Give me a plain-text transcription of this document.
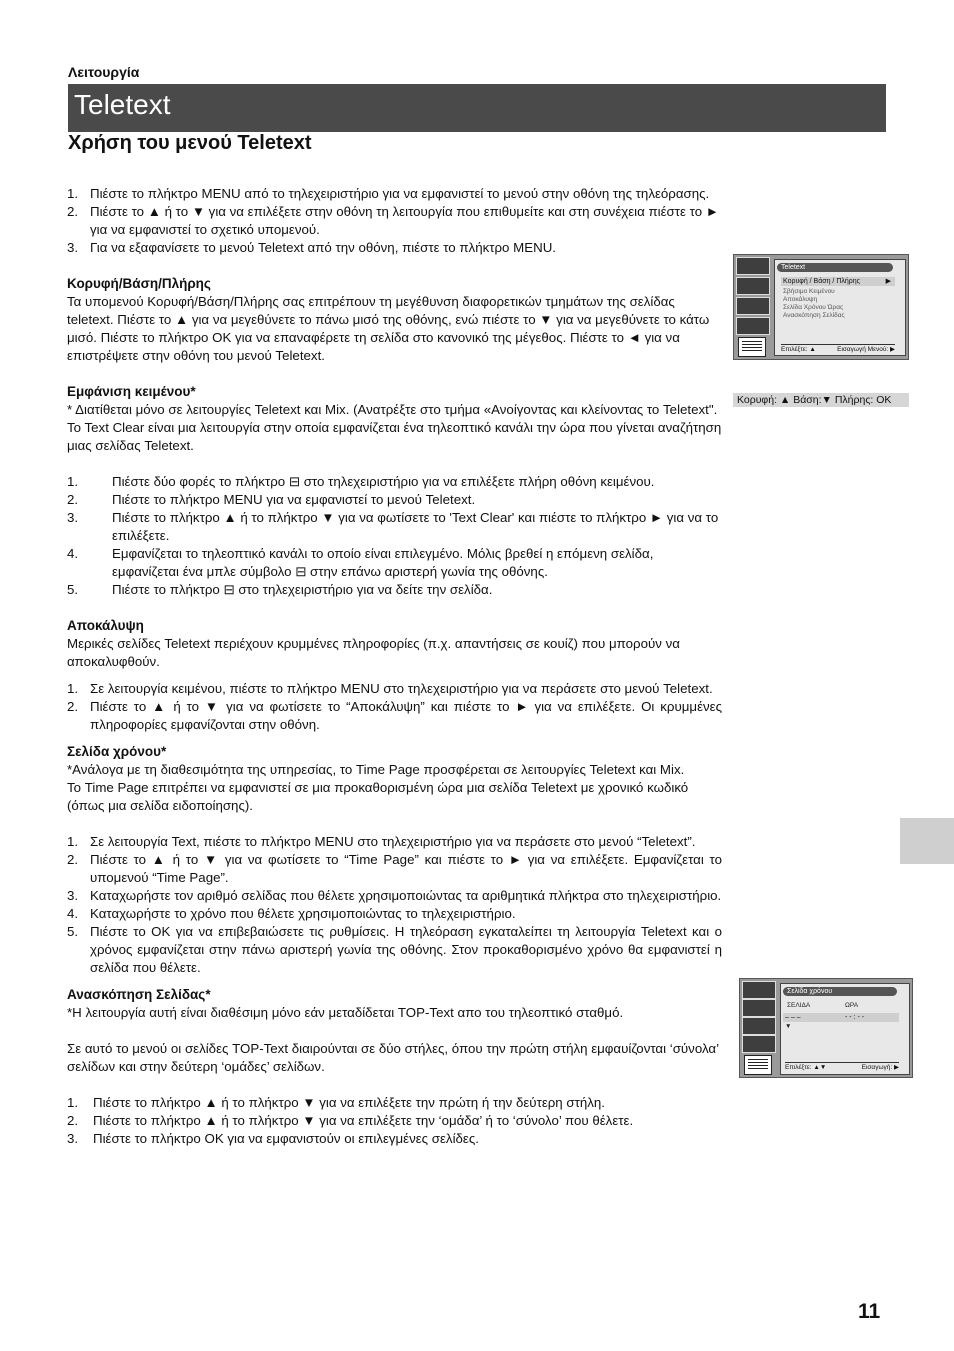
Λειτουργία
Teletext
Χρήση του μενού Teletext
1. Πιέστε το πλήκτρο MENU από το τηλεχειριστήριο για να εμφανιστεί το μενού στην οθόνη της τηλεόρασης.
2. Πιέστε το ▲ ή το ▼ για να επιλέξετε στην οθόνη τη λειτουργία που επιθυμείτε και στη συνέχεια πιέστε το ► για να εμφανιστεί το σχετικό υπομενού.
3. Για να εξαφανίσετε το μενού Teletext από την οθόνη, πιέστε το πλήκτρο MENU.
Κορυφή/Βάση/Πλήρης

Τα υπομενού Κορυφή/Βάση/Πλήρης σας επιτρέπουν τη μεγέθυνση διαφορετικών τμημάτων της σελίδας teletext. Πιέστε το ▲ για να μεγεθύνετε το πάνω μισό της οθόνης, ενώ πιέστε το ▼ για να μεγεθύνετε το κάτω μισό. Πιέστε το πλήκτρο OK για να επαναφέρετε τη σελίδα στο κανονικό της μέγεθος. Πιέστε το ◄ για να επιστρέψετε στην οθόνη του μενού Teletext.

Εμφάνιση κειμένου*

* Διατίθεται μόνο σε λειτουργίες Teletext και Mix. (Ανατρέξτε στο τμήμα «Ανοίγοντας και κλείνοντας το Teletext".

To Text Clear είναι μια λειτουργία στην οποία εμφανίζεται ένα τηλεοπτικό κανάλι την ώρα που γίνεται αναζήτηση μιας σελίδας Teletext.

1.	Πιέστε δύο φορές το πλήκτρο ⊟ στο τηλεχειριστήριο για να επιλέξετε πλήρη οθόνη κειμένου.
2.	Πιέστε το πλήκτρο MENU για να εμφανιστεί το μενού Teletext.
3.	Πιέστε το πλήκτρο ▲ ή το πλήκτρο ▼ για να φωτίσετε το 'Text Clear' και πιέστε το πλήκτρο ► για να το επιλέξετε.
4.	Εμφανίζεται το τηλεοπτικό κανάλι το οποίο είναι επιλεγμένο. Μόλις βρεθεί η επόμενη σελίδα, εμφανίζεται ένα μπλε σύμβολο ⊟ στην επάνω αριστερή γωνία της οθόνης.
5.	Πιέστε το πλήκτρο ⊟ στο τηλεχειριστήριο για να δείτε την σελίδα.
Αποκάλυψη

Μερικές σελίδες Teletext περιέχουν κρυμμένες πληροφορίες (π.χ. απαντήσεις σε κουίζ) που μπορούν να αποκαλυφθούν.

1. Σε λειτουργία κειμένου, πιέστε το πλήκτρο MENU στο τηλεχειριστήριο για να περάσετε στο μενού Teletext.
2. Πιέστε το ▲ ή το ▼ για να φωτίσετε το “Αποκάλυψη” και πιέστε το ► για να επιλέξετε. Οι κρυμμένες πληροφορίες εμφανίζονται στην οθόνη.
Σελίδα χρόνου*

*Ανάλογα με τη διαθεσιμότητα της υπηρεσίας, το Time Page προσφέρεται σε λειτουργίες Teletext και Mix.

Το Time Page επιτρέπει να εμφανιστεί σε μια προκαθορισμένη ώρα μια σελίδα Teletext με χρονικό κωδικό (όπως μια σελίδα ειδοποίησης).

1. Σε λειτουργία Text, πιέστε το πλήκτρο MENU στο τηλεχειριστήριο για να περάσετε στο μενού “Teletext”.
2. Πιέστε το ▲ ή το ▼ για να φωτίσετε το “Time Page” και πιέστε το ► για να επιλέξετε. Εμφανίζεται το υπομενού “Time Page”.
3. Καταχωρήστε τον αριθμό σελίδας που θέλετε χρησιμοποιώντας τα αριθμητικά πλήκτρα στο τηλεχειριστήριο.
4. Καταχωρήστε το χρόνο που θέλετε χρησιμοποιώντας το τηλεχειριστήριο.
5. Πιέστε το OK για να επιβεβαιώσετε τις ρυθμίσεις. Η τηλεόραση εγκαταλείπει τη λειτουργία Teletext και ο χρόνος εμφανίζεται στην πάνω αριστερή γωνία της οθόνης. Στον προκαθορισμένο χρόνο θα εμφανιστεί η σελίδα που θέλετε.
Ανασκόπηση Σελίδας*

*Η λειτουργία αυτή είναι διαθέσιμη μόνο εάν μεταδίδεται TOP-Text απο του τηλεοπτικό σταθμό.

Σε αυτό το μενού οι σελίδες TOP-Text διαιρούνται σε δύο στήλες, όπου την πρώτη στήλη εμφαυίζονται ‘σύνολα’ σελίδων και στην δεύτερη ‘ομάδες’ σελίδων.

1. Πιέστε το πλήκτρο ▲ ή το πλήκτρο ▼ για να επιλέξετε την πρώτη ή την δεύτερη στήλη.
2. Πιέστε το πλήκτρο ▲ ή το πλήκτρο ▼ για να επιλέξετε την ‘ομάδα’ ή το ‘σύνολο’ που θέλετε.
3. Πιέστε το πλήκτρο OK για να εμφανιστούν οι επιλεγμένες σελίδες.
Teletext
Κορυφή / Βάση / Πλήρης	▶
Σβήσιμο Κειμένου
Αποκάλυψη
Σελίδα Χρόνου Ώρας
Ανασκόπηση Σελίδας
Επιλέξτε: ▲	Εισαγωγή Μενού: ▶
Κορυφή: ▲ Βάση:▼ Πλήρης: OK
Σελίδα χρόνου
ΣΕΛΙΔΑ	ΩΡΑ
– – –	- - : - -
▼
Επιλέξτε: ▲▼	Εισαγωγή: ▶
11
